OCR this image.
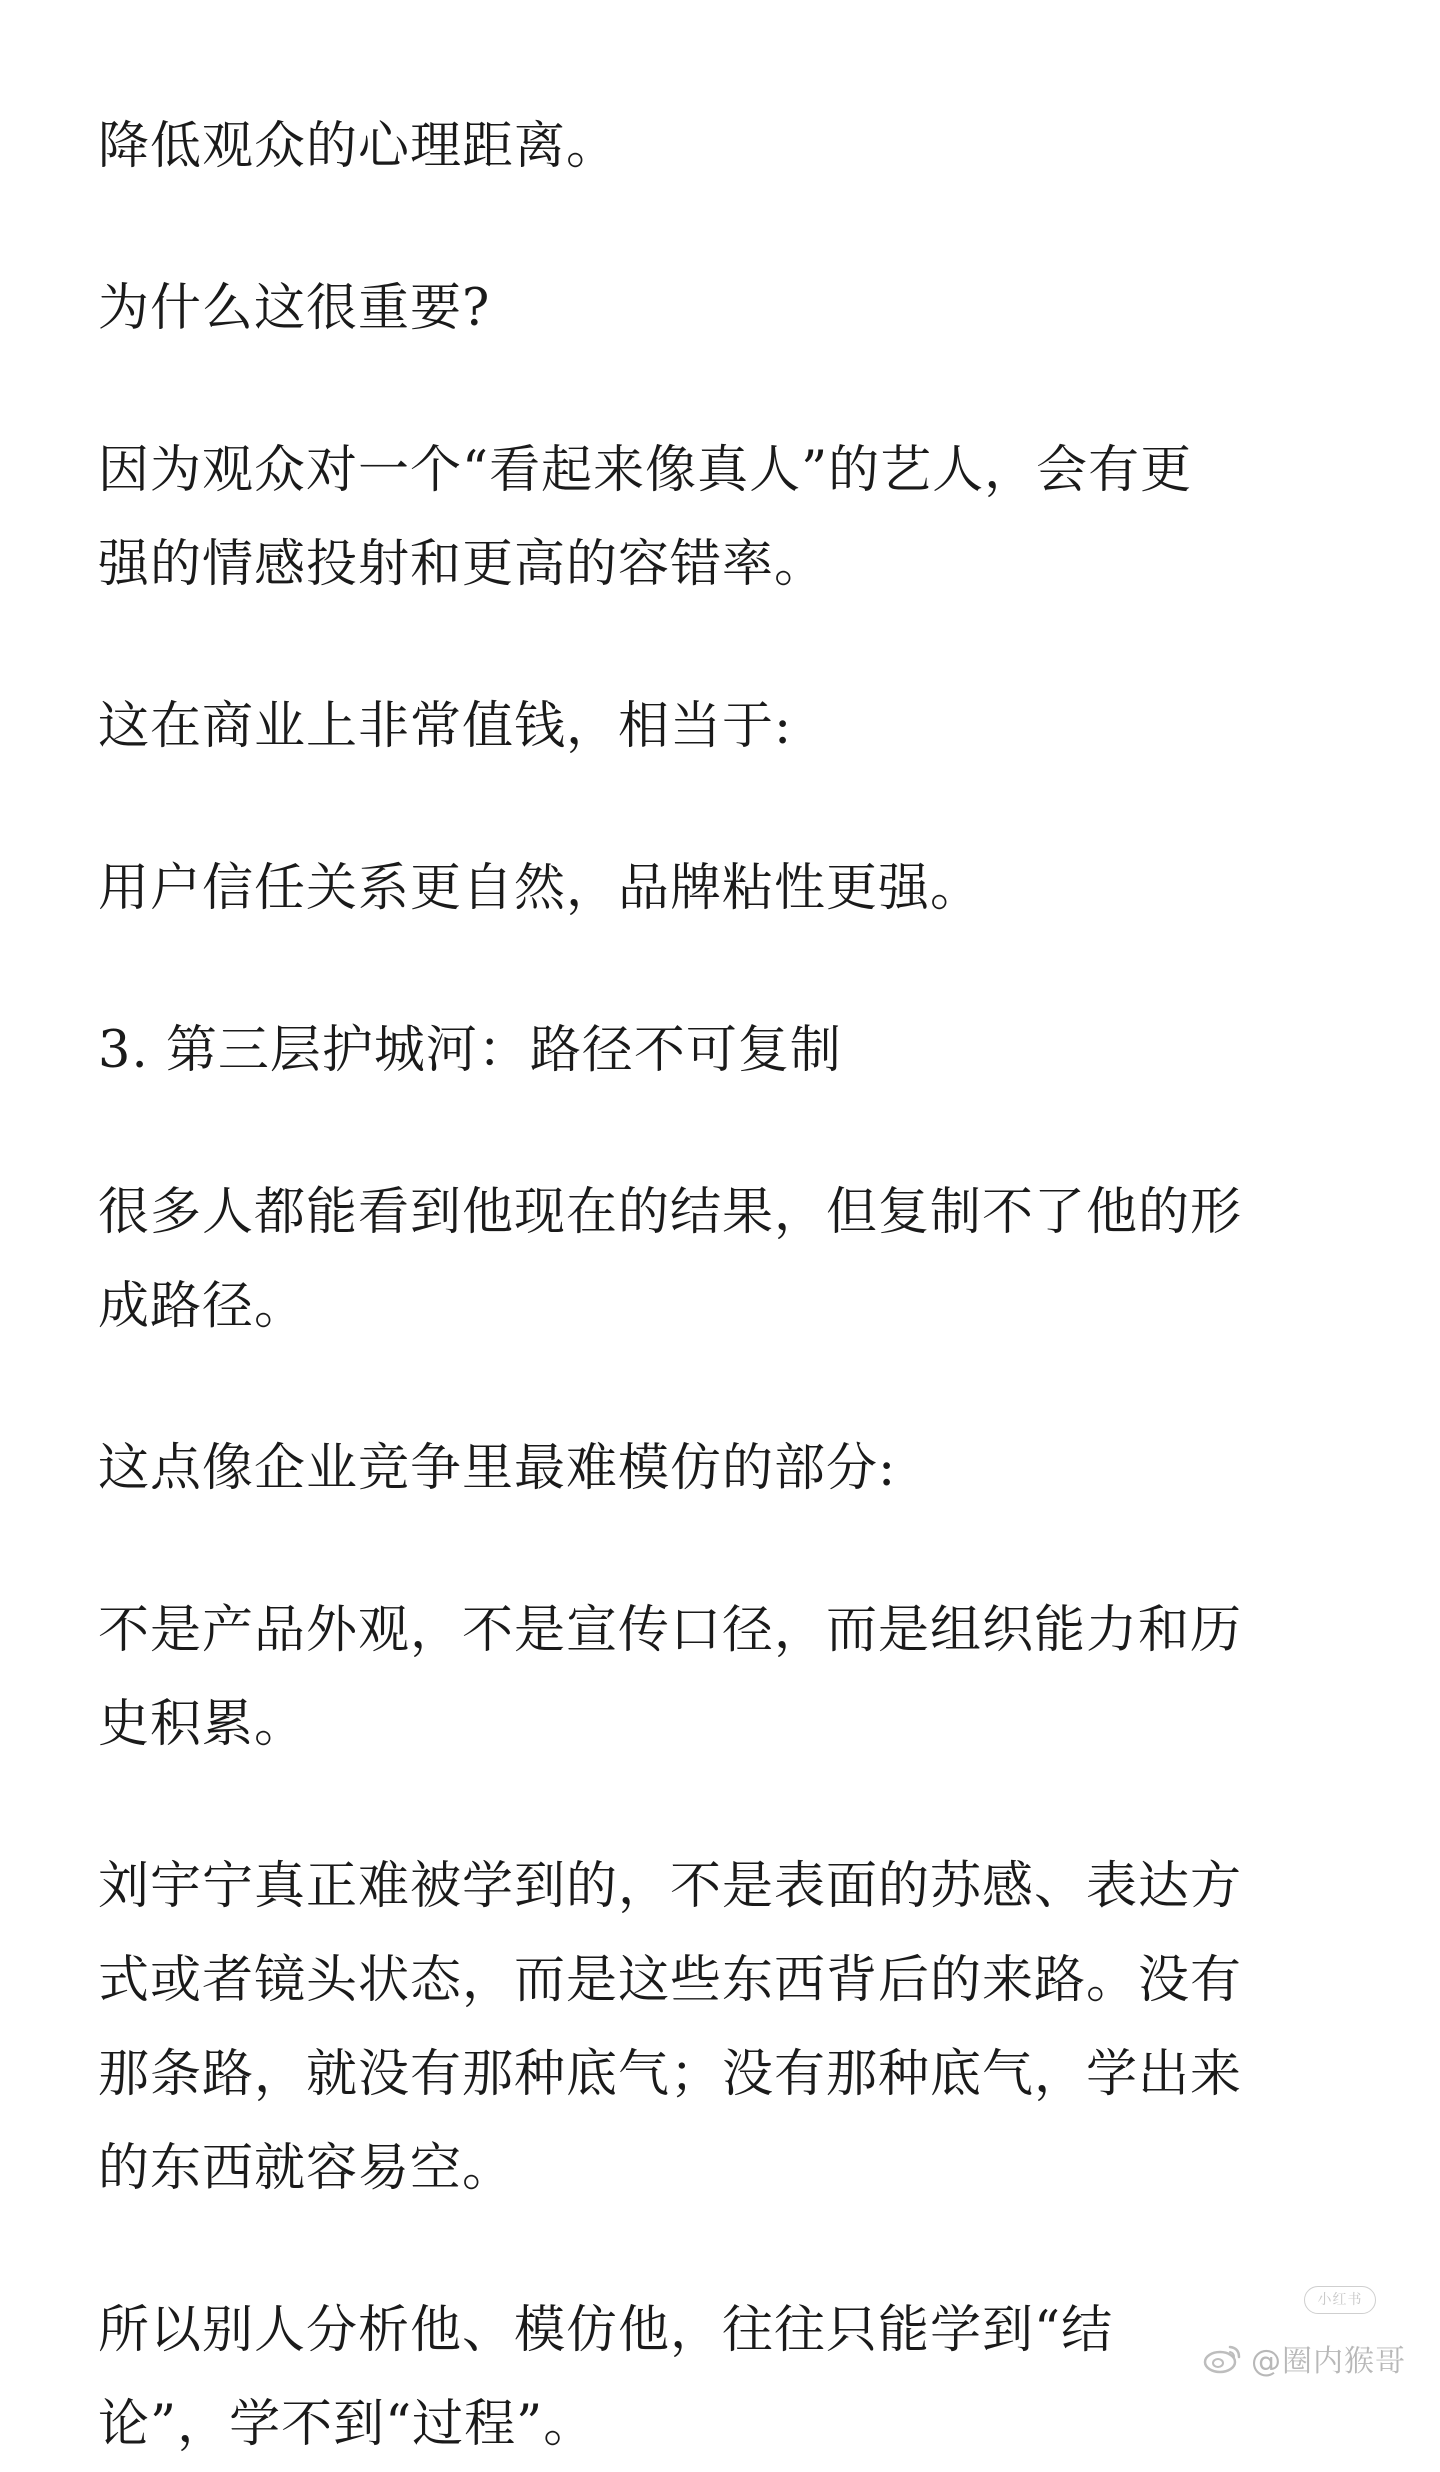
降低观众的心理距离。

为什么这很重要?

因为观众对一个“看起来像真人”的艺人，会有更
强的情感投射和更高的容错率。

这在商业上非常值钱，相当于:

用户信任关系更自然，品牌粘性更强。

3. 第三层护城河：路径不可复制

很多人都能看到他现在的结果，但复制不了他的形
成路径。

这点像企业竞争里最难模仿的部分:

不是产品外观，不是宣传口径，而是组织能力和历
史积累。

刘宇宁真正难被学到的，不是表面的苏感、表达方
式或者镜头状态，而是这些东西背后的来路。没有
那条路，就没有那种底气；没有那种底气，学出来
的东西就容易空。

所以别人分析他、模仿他，往往只能学到“结
论”，学不到“过程”。

小红书
@圈内猴哥
